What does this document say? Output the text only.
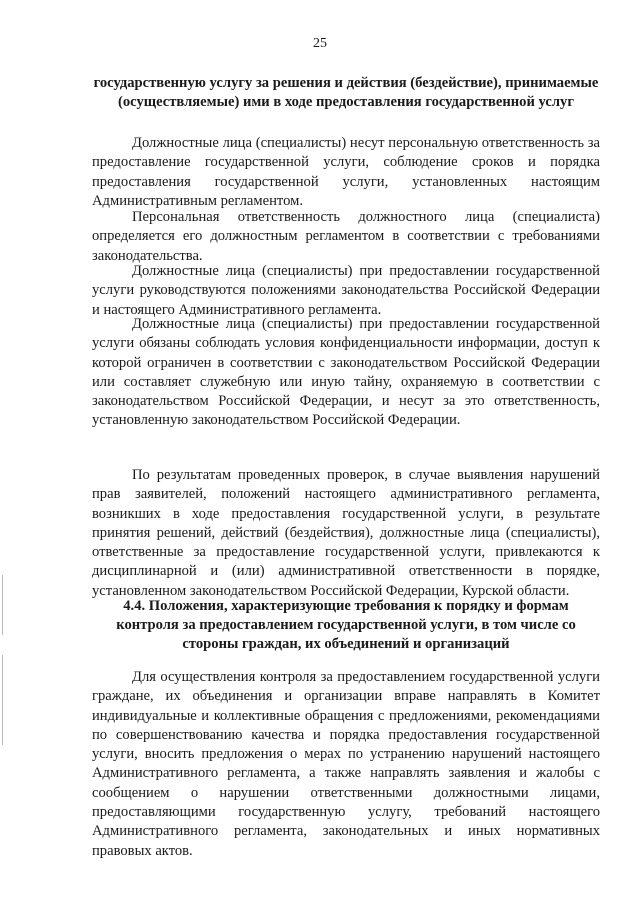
25
государственную услугу за решения и действия (бездействие), принимаемые (осуществляемые) ими в ходе предоставления государственной услуг

Должностные лица (специалисты) несут персональную ответственность за предоставление государственной услуги, соблюдение сроков и порядка предоставления государственной услуги, установленных настоящим Административным регламентом.

Персональная ответственность должностного лица (специалиста) определяется его должностным регламентом в соответствии с требованиями законодательства.

Должностные лица (специалисты) при предоставлении государственной услуги руководствуются положениями законодательства Российской Федерации и настоящего Административного регламента.

Должностные лица (специалисты) при предоставлении государственной услуги обязаны соблюдать условия конфиденциальности информации, доступ к которой ограничен в соответствии с законодательством Российской Федерации или составляет служебную или иную тайну, охраняемую в соответствии с законодательством Российской Федерации, и несут за это ответственность, установленную законодательством Российской Федерации.

По результатам проведенных проверок, в случае выявления нарушений прав заявителей, положений настоящего административного регламента, возникших в ходе предоставления государственной услуги, в результате принятия решений, действий (бездействия), должностные лица (специалисты), ответственные за предоставление государственной услуги, привлекаются к дисциплинарной и (или) административной ответственности в порядке, установленном законодательством Российской Федерации, Курской области.

4.4. Положения, характеризующие требования к порядку и формам контроля за предоставлением государственной услуги, в том числе со стороны граждан, их объединений и организаций

Для осуществления контроля за предоставлением государственной услуги граждане, их объединения и организации вправе направлять в Комитет индивидуальные и коллективные обращения с предложениями, рекомендациями по совершенствованию качества и порядка предоставления государственной услуги, вносить предложения о мерах по устранению нарушений настоящего Административного регламента, а также направлять заявления и жалобы с сообщением о нарушении ответственными должностными лицами, предоставляющими государственную услугу, требований настоящего Административного регламента, законодательных и иных нормативных правовых актов.
